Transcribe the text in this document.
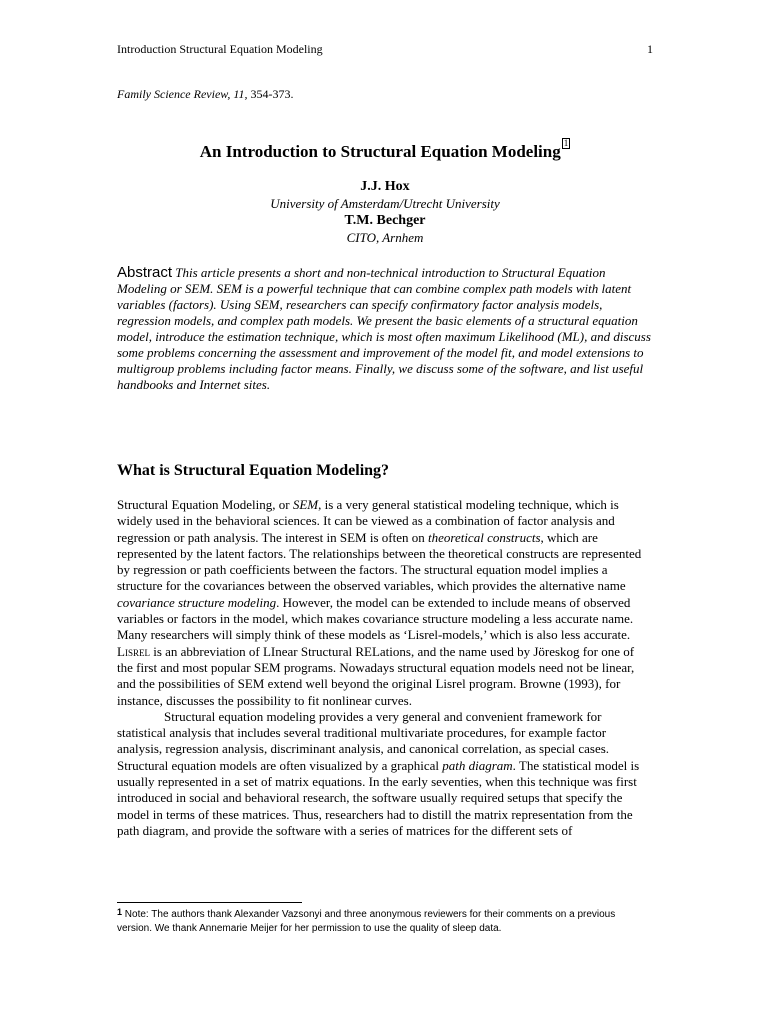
Introduction Structural Equation Modeling	1
Family Science Review, 11, 354-373.
An Introduction to Structural Equation Modeling 1
J.J. Hox
University of Amsterdam/Utrecht University
T.M. Bechger
CITO, Arnhem
Abstract This article presents a short and non-technical introduction to Structural Equation Modeling or SEM. SEM is a powerful technique that can combine complex path models with latent variables (factors). Using SEM, researchers can specify confirmatory factor analysis models, regression models, and complex path models. We present the basic elements of a structural equation model, introduce the estimation technique, which is most often maximum Likelihood (ML), and discuss some problems concerning the assessment and improvement of the model fit, and model extensions to multigroup problems including factor means. Finally, we discuss some of the software, and list useful handbooks and Internet sites.
What is Structural Equation Modeling?

Structural Equation Modeling, or SEM, is a very general statistical modeling technique, which is widely used in the behavioral sciences. It can be viewed as a combination of factor analysis and regression or path analysis. The interest in SEM is often on theoretical constructs, which are represented by the latent factors. The relationships between the theoretical constructs are represented by regression or path coefficients between the factors. The structural equation model implies a structure for the covariances between the observed variables, which provides the alternative name covariance structure modeling. However, the model can be extended to include means of observed variables or factors in the model, which makes covariance structure modeling a less accurate name. Many researchers will simply think of these models as ‘Lisrel-models,’ which is also less accurate. Lisrel is an abbreviation of LInear Structural RELations, and the name used by Jöreskog for one of the first and most popular SEM programs. Nowadays structural equation models need not be linear, and the possibilities of SEM extend well beyond the original Lisrel program. Browne (1993), for instance, discusses the possibility to fit nonlinear curves.

Structural equation modeling provides a very general and convenient framework for statistical analysis that includes several traditional multivariate procedures, for example factor analysis, regression analysis, discriminant analysis, and canonical correlation, as special cases. Structural equation models are often visualized by a graphical path diagram. The statistical model is usually represented in a set of matrix equations. In the early seventies, when this technique was first introduced in social and behavioral research, the software usually required setups that specify the model in terms of these matrices. Thus, researchers had to distill the matrix representation from the path diagram, and provide the software with a series of matrices for the different sets of

$^1$ Note: The authors thank Alexander Vazsonyi and three anonymous reviewers for their comments on a previous version. We thank Annemarie Meijer for her permission to use the quality of sleep data.
